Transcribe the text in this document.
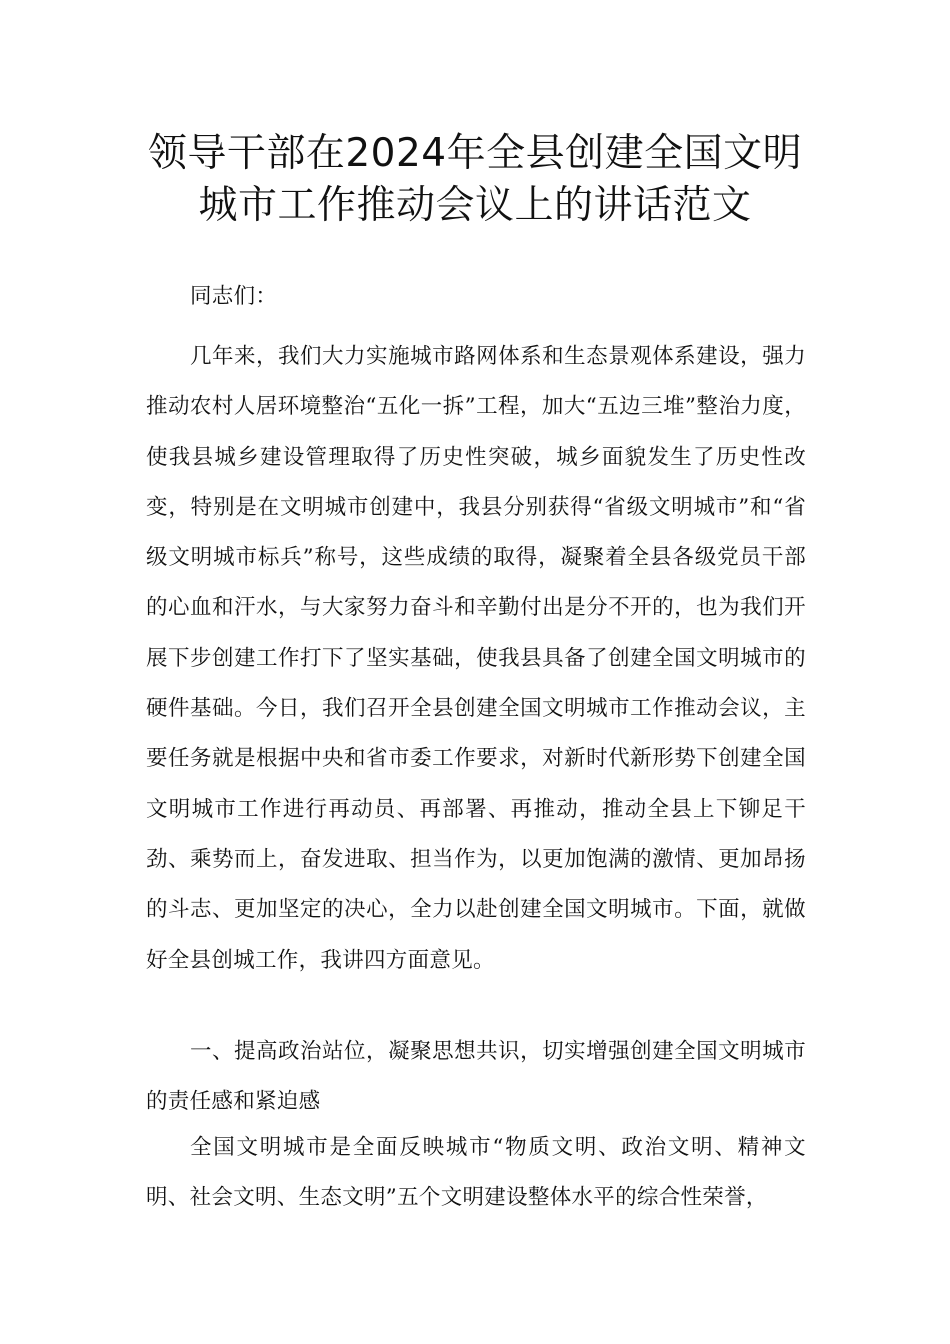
领导干部在2024年全县创建全国文明
城市工作推动会议上的讲话范文
同志们：
几年来，我们大力实施城市路网体系和生态景观体系建设，强力推动农村人居环境整治“五化一拆”工程，加大“五边三堆”整治力度，使我县城乡建设管理取得了历史性突破，城乡面貌发生了历史性改变，特别是在文明城市创建中，我县分别获得“省级文明城市”和“省级文明城市标兵”称号，这些成绩的取得，凝聚着全县各级党员干部的心血和汗水，与大家努力奋斗和辛勤付出是分不开的，也为我们开展下步创建工作打下了坚实基础，使我县具备了创建全国文明城市的硬件基础。今日，我们召开全县创建全国文明城市工作推动会议，主要任务就是根据中央和省市委工作要求，对新时代新形势下创建全国文明城市工作进行再动员、再部署、再推动，推动全县上下铆足干劲、乘势而上，奋发进取、担当作为，以更加饱满的激情、更加昂扬的斗志、更加坚定的决心，全力以赴创建全国文明城市。下面，就做好全县创城工作，我讲四方面意见。
一、提高政治站位，凝聚思想共识，切实增强创建全国文明城市的责任感和紧迫感
全国文明城市是全面反映城市“物质文明、政治文明、精神文明、社会文明、生态文明”五个文明建设整体水平的综合性荣誉，
